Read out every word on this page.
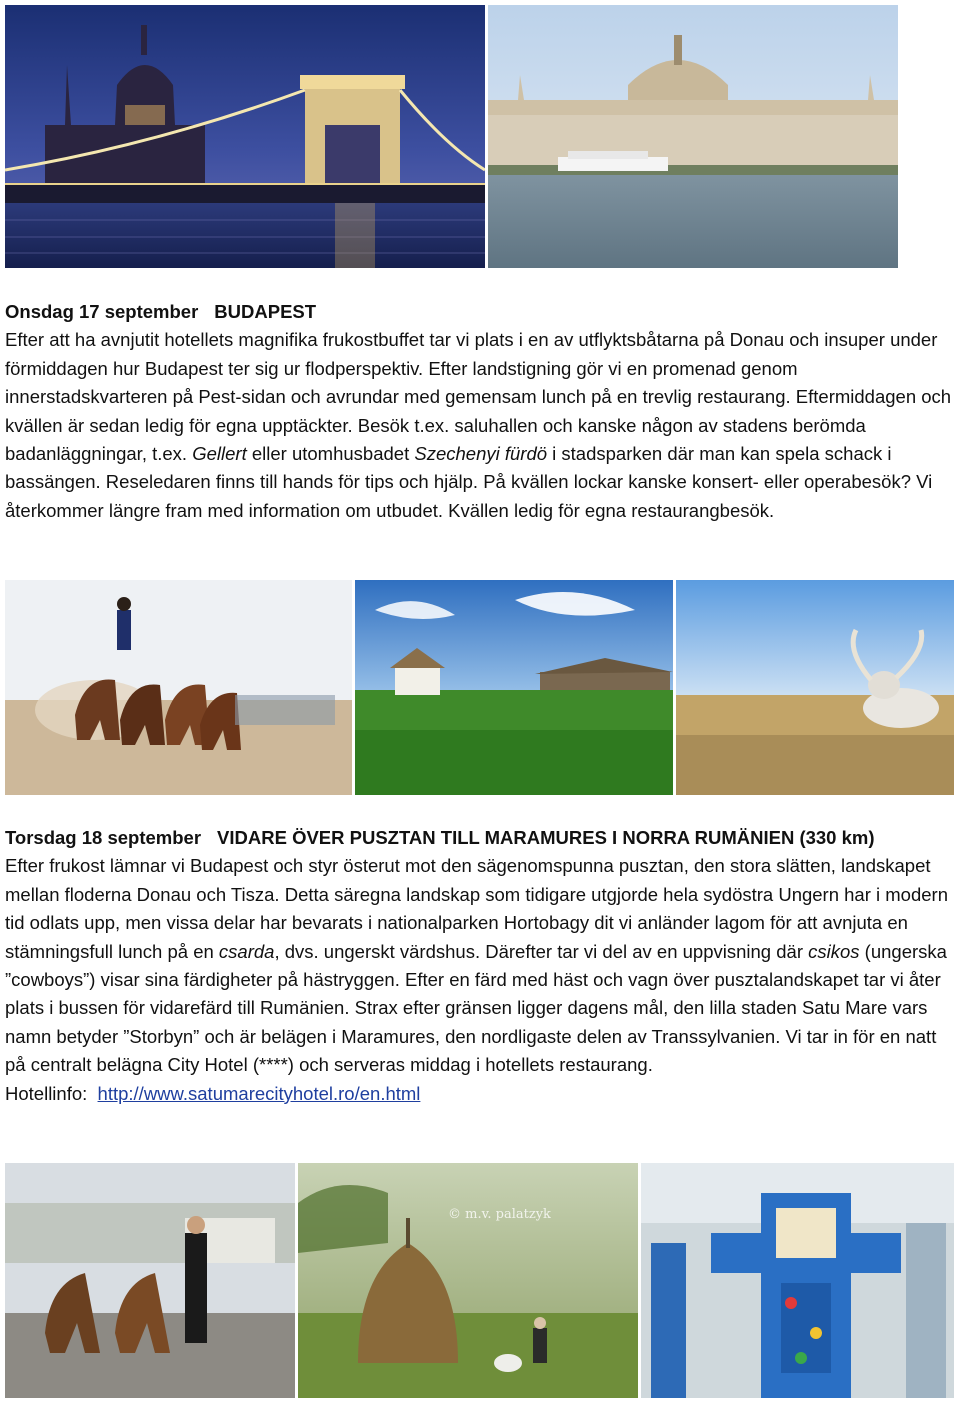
Onsdag 17 september BUDAPEST

Efter att ha avnjutit hotellets magnifika frukostbuffet tar vi plats i en av utflyktsbåtarna på Donau och insuper under förmiddagen hur Budapest ter sig ur flodperspektiv. Efter landstigning gör vi en promenad genom innerstadskvarteren på Pest-sidan och avrundar med gemensam lunch på en trevlig restaurang. Eftermiddagen och kvällen är sedan ledig för egna upptäckter. Besök t.ex. saluhallen och kanske någon av stadens berömda badanläggningar, t.ex. Gellert eller utomhusbadet Szechenyi fürdö i stadsparken där man kan spela schack i bassängen. Reseledaren finns till hands för tips och hjälp. På kvällen lockar kanske konsert- eller operabesök? Vi återkommer längre fram med information om utbudet. Kvällen ledig för egna restaurangbesök.

Torsdag 18 september VIDARE ÖVER PUSZTAN TILL MARAMURES I NORRA RUMÄNIEN (330 km)

Efter frukost lämnar vi Budapest och styr österut mot den sägenomspunna pusztan, den stora slätten, landskapet mellan floderna Donau och Tisza. Detta säregna landskap som tidigare utgjorde hela sydöstra Ungern har i modern tid odlats upp, men vissa delar har bevarats i nationalparken Hortobagy dit vi anländer lagom för att avnjuta en stämningsfull lunch på en csarda, dvs. ungerskt värdshus. Därefter tar vi del av en uppvisning där csikos (ungerska ”cowboys”) visar sina färdigheter på hästryggen. Efter en färd med häst och vagn över pusztalandskapet tar vi åter plats i bussen för vidarefärd till Rumänien. Strax efter gränsen ligger dagens mål, den lilla staden Satu Mare vars namn betyder ”Storbyn” och är belägen i Maramures, den nordligaste delen av Transsylvanien. Vi tar in för en natt på centralt belägna City Hotel (****) och serveras middag i hotellets restaurang.

Hotellinfo: http://www.satumarecityhotel.ro/en.html

© m.v. palatzyk
